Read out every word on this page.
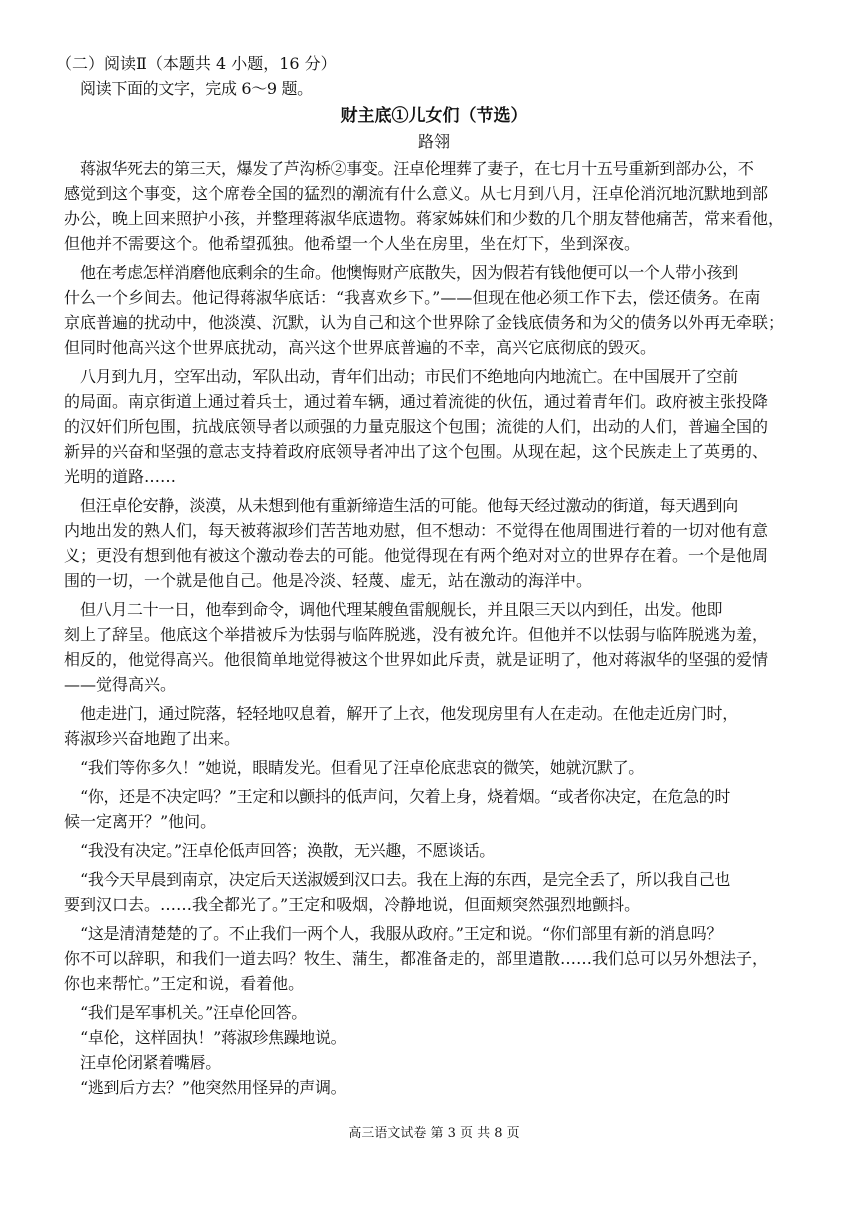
（二）阅读Ⅱ（本题共 4 小题，16 分）
阅读下面的文字，完成 6～9 题。
财主底①儿女们（节选）
路翎
蒋淑华死去的第三天，爆发了芦沟桥②事变。汪卓伦埋葬了妻子，在七月十五号重新到部办公，不
感觉到这个事变，这个席卷全国的猛烈的潮流有什么意义。从七月到八月，汪卓伦消沉地沉默地到部
办公，晚上回来照护小孩，并整理蒋淑华底遗物。蒋家姊妹们和少数的几个朋友替他痛苦，常来看他，
但他并不需要这个。他希望孤独。他希望一个人坐在房里，坐在灯下，坐到深夜。
他在考虑怎样消磨他底剩余的生命。他懊悔财产底散失，因为假若有钱他便可以一个人带小孩到
什么一个乡间去。他记得蒋淑华底话：“我喜欢乡下。”——但现在他必须工作下去，偿还债务。在南
京底普遍的扰动中，他淡漠、沉默，认为自己和这个世界除了金钱底债务和为父的债务以外再无牵联；
但同时他高兴这个世界底扰动，高兴这个世界底普遍的不幸，高兴它底彻底的毁灭。
八月到九月，空军出动，军队出动，青年们出动；市民们不绝地向内地流亡。在中国展开了空前
的局面。南京街道上通过着兵士，通过着车辆，通过着流徙的伙伍，通过着青年们。政府被主张投降
的汉奸们所包围，抗战底领导者以顽强的力量克服这个包围；流徙的人们，出动的人们，普遍全国的
新异的兴奋和坚强的意志支持着政府底领导者冲出了这个包围。从现在起，这个民族走上了英勇的、
光明的道路……
但汪卓伦安静，淡漠，从未想到他有重新缔造生活的可能。他每天经过激动的街道，每天遇到向
内地出发的熟人们，每天被蒋淑珍们苦苦地劝慰，但不想动：不觉得在他周围进行着的一切对他有意
义；更没有想到他有被这个激动卷去的可能。他觉得现在有两个绝对对立的世界存在着。一个是他周
围的一切，一个就是他自己。他是冷淡、轻蔑、虚无，站在激动的海洋中。
但八月二十一日，他奉到命令，调他代理某艘鱼雷舰舰长，并且限三天以内到任，出发。他即
刻上了辞呈。他底这个举措被斥为怯弱与临阵脱逃，没有被允许。但他并不以怯弱与临阵脱逃为羞，
相反的，他觉得高兴。他很简单地觉得被这个世界如此斥责，就是证明了，他对蒋淑华的坚强的爱情
——觉得高兴。
他走进门，通过院落，轻轻地叹息着，解开了上衣，他发现房里有人在走动。在他走近房门时，
蒋淑珍兴奋地跑了出来。
“我们等你多久！”她说，眼睛发光。但看见了汪卓伦底悲哀的微笑，她就沉默了。
“你，还是不决定吗？”王定和以颤抖的低声问，欠着上身，烧着烟。“或者你决定，在危急的时
候一定离开？”他问。
“我没有决定。”汪卓伦低声回答；涣散，无兴趣，不愿谈话。
“我今天早晨到南京，决定后天送淑媛到汉口去。我在上海的东西，是完全丢了，所以我自己也
要到汉口去。……我全都光了。”王定和吸烟，冷静地说，但面颊突然强烈地颤抖。
“这是清清楚楚的了。不止我们一两个人，我服从政府。”王定和说。“你们部里有新的消息吗？
你不可以辞职，和我们一道去吗？牧生、蒲生，都准备走的，部里遣散……我们总可以另外想法子，
你也来帮忙。”王定和说，看着他。
“我们是军事机关。”汪卓伦回答。
“卓伦，这样固执！”蒋淑珍焦躁地说。
汪卓伦闭紧着嘴唇。
“逃到后方去？”他突然用怪异的声调。
高三语文试卷 第 3 页 共 8 页
